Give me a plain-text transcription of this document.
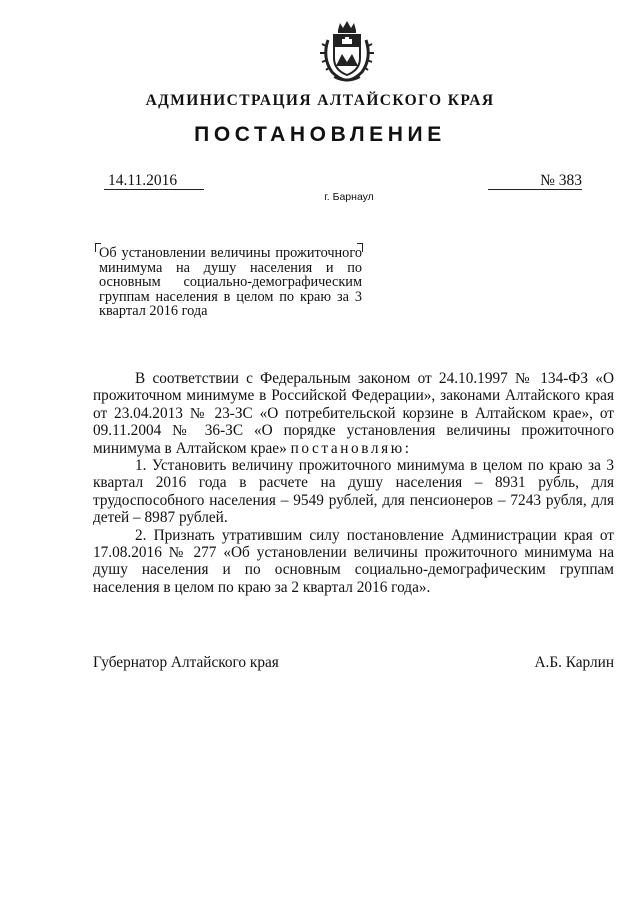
АДМИНИСТРАЦИЯ АЛТАЙСКОГО КРАЯ
ПОСТАНОВЛЕНИЕ
14.11.2016	№ 383
г. Барнаул
Об установлении величины прожиточного минимума на душу населения и по основным социально-демографическим группам населения в целом по краю за 3 квартал 2016 года

В соответствии с Федеральным законом от 24.10.1997 № 134-ФЗ «О прожиточном минимуме в Российской Федерации», законами Алтайского края от 23.04.2013 № 23-ЗС «О потребительской корзине в Алтайском крае», от 09.11.2004 № 36-ЗС «О порядке установления величины прожиточного минимума в Алтайском крае» постановляю:

1. Установить величину прожиточного минимума в целом по краю за 3 квартал 2016 года в расчете на душу населения – 8931 рубль, для трудоспособного населения – 9549 рублей, для пенсионеров – 7243 рубля, для детей – 8987 рублей.

2. Признать утратившим силу постановление Администрации края от 17.08.2016 № 277 «Об установлении величины прожиточного минимума на душу населения и по основным социально-демографическим группам населения в целом по краю за 2 квартал 2016 года».

Губернатор Алтайского края	А.Б. Карлин
